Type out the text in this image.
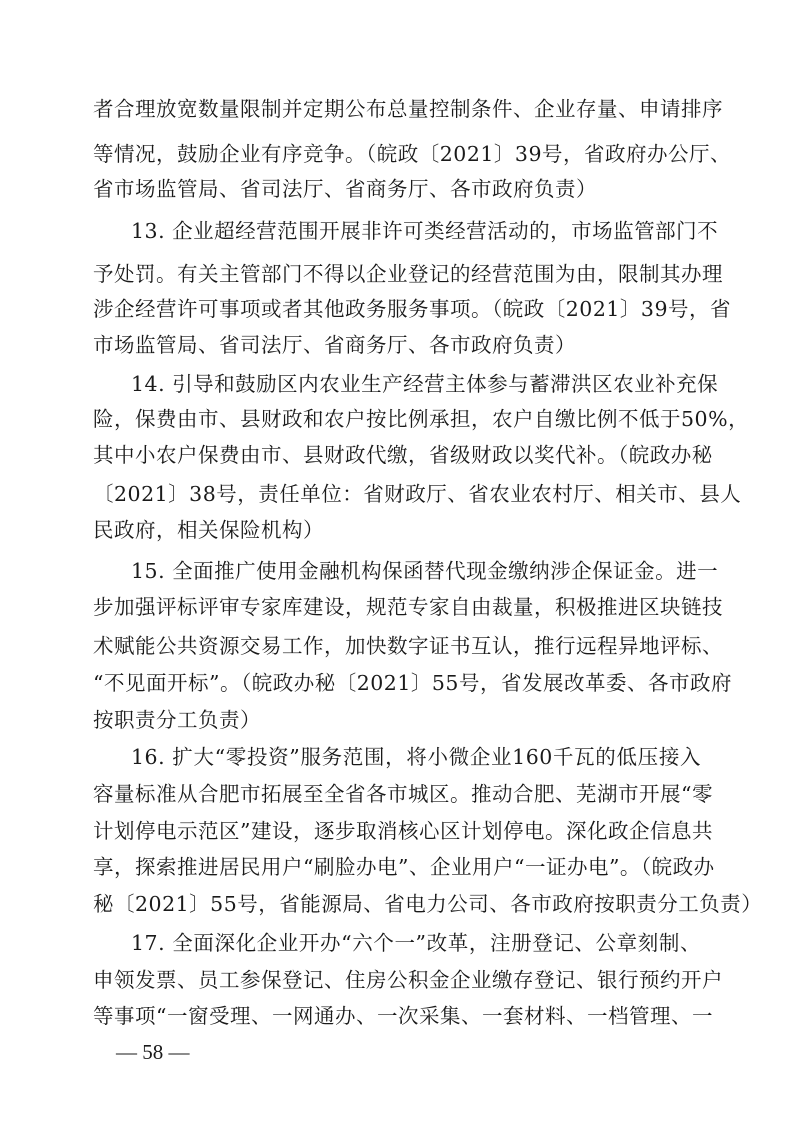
者合理放宽数量限制并定期公布总量控制条件、企业存量、申请排序
等情况，鼓励企业有序竞争。（皖政〔2021〕39号，省政府办公厅、
省市场监管局、省司法厅、省商务厅、各市政府负责）
13. 企业超经营范围开展非许可类经营活动的，市场监管部门不
予处罚。有关主管部门不得以企业登记的经营范围为由，限制其办理
涉企经营许可事项或者其他政务服务事项。（皖政〔2021〕39号，省
市场监管局、省司法厅、省商务厅、各市政府负责）
14. 引导和鼓励区内农业生产经营主体参与蓄滞洪区农业补充保
险，保费由市、县财政和农户按比例承担，农户自缴比例不低于50%，
其中小农户保费由市、县财政代缴，省级财政以奖代补。（皖政办秘
〔2021〕38号，责任单位：省财政厅、省农业农村厅、相关市、县人
民政府，相关保险机构）
15. 全面推广使用金融机构保函替代现金缴纳涉企保证金。进一
步加强评标评审专家库建设，规范专家自由裁量，积极推进区块链技
术赋能公共资源交易工作，加快数字证书互认，推行远程异地评标、
“不见面开标”。（皖政办秘〔2021〕55号，省发展改革委、各市政府
按职责分工负责）
16. 扩大“零投资”服务范围，将小微企业160千瓦的低压接入
容量标准从合肥市拓展至全省各市城区。推动合肥、芜湖市开展“零
计划停电示范区”建设，逐步取消核心区计划停电。深化政企信息共
享，探索推进居民用户“刷脸办电”、企业用户“一证办电”。（皖政办
秘〔2021〕55号，省能源局、省电力公司、各市政府按职责分工负责）
17. 全面深化企业开办“六个一”改革，注册登记、公章刻制、
申领发票、员工参保登记、住房公积金企业缴存登记、银行预约开户
等事项“一窗受理、一网通办、一次采集、一套材料、一档管理、一
— 58 —
